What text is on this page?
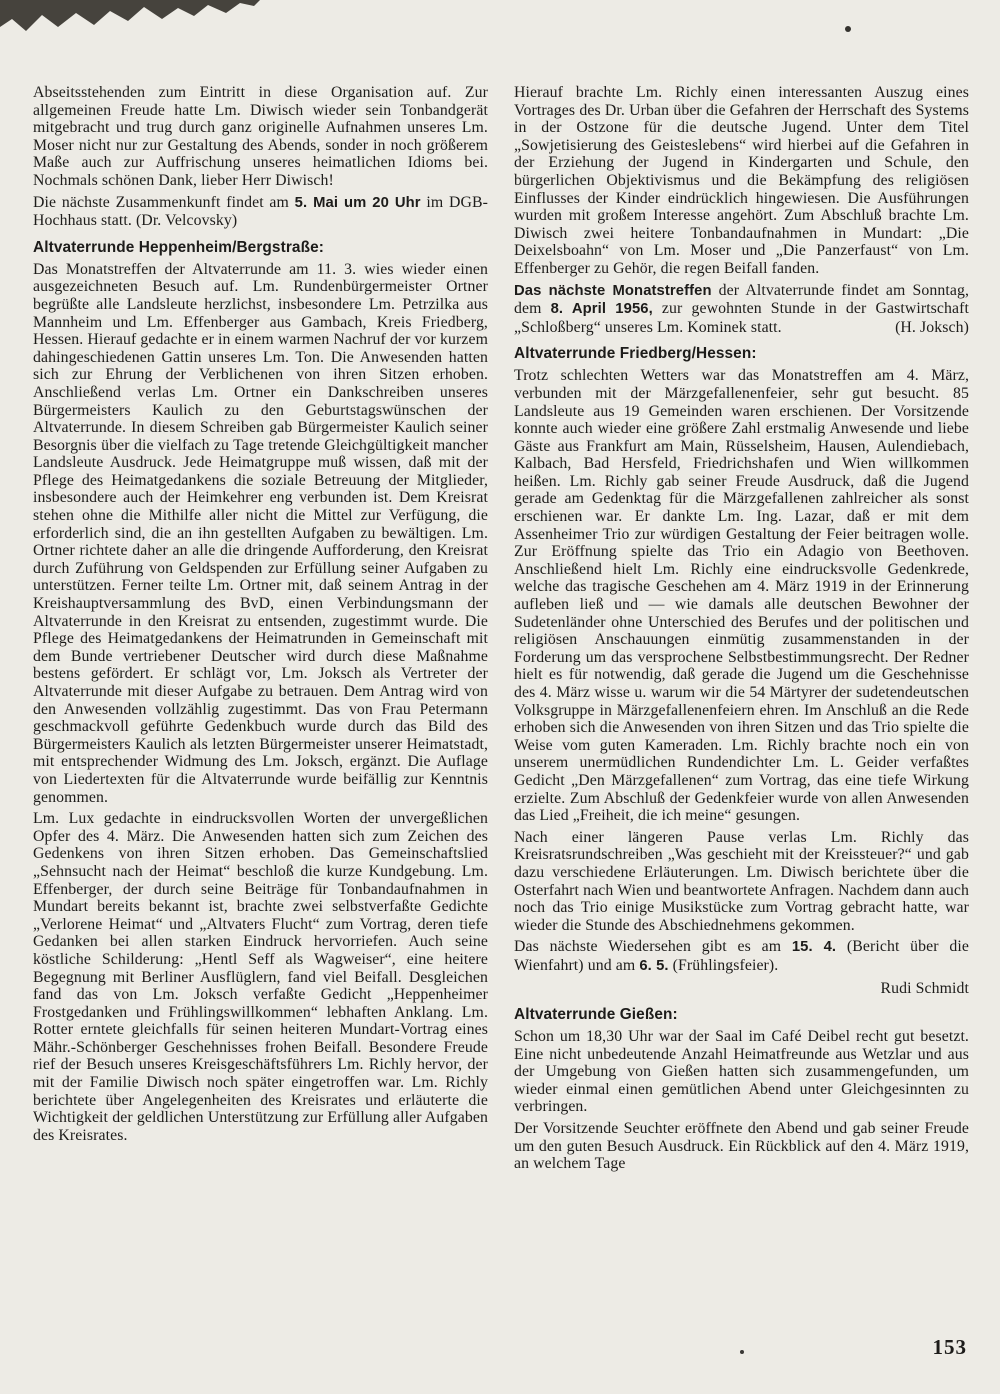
Abseitsstehenden zum Eintritt in diese Organisation auf. Zur allgemeinen Freude hatte Lm. Diwisch wieder sein Tonbandgerät mitgebracht und trug durch ganz originelle Aufnahmen unseres Lm. Moser nicht nur zur Gestaltung des Abends, sonder in noch größerem Maße auch zur Auffrischung unseres heimatlichen Idioms bei. Nochmals schönen Dank, lieber Herr Diwisch!

Die nächste Zusammenkunft findet am 5. Mai um 20 Uhr im DGB-Hochhaus statt. (Dr. Velcovsky)

Altvaterrunde Heppenheim/Bergstraße:

Das Monatstreffen der Altvaterrunde am 11. 3. wies wieder einen ausgezeichneten Besuch auf. Lm. Rundenbürgermeister Ortner begrüßte alle Landsleute herzlichst, insbesondere Lm. Petrzilka aus Mannheim und Lm. Effenberger aus Gambach, Kreis Friedberg, Hessen. Hierauf gedachte er in einem warmen Nachruf der vor kurzem dahingeschiedenen Gattin unseres Lm. Ton. Die Anwesenden hatten sich zur Ehrung der Verblichenen von ihren Sitzen erhoben. Anschließend verlas Lm. Ortner ein Dankschreiben unseres Bürgermeisters Kaulich zu den Geburtstagswünschen der Altvaterrunde. In diesem Schreiben gab Bürgermeister Kaulich seiner Besorgnis über die vielfach zu Tage tretende Gleichgültigkeit mancher Landsleute Ausdruck. Jede Heimatgruppe muß wissen, daß mit der Pflege des Heimatgedankens die soziale Betreuung der Mitglieder, insbesondere auch der Heimkehrer eng verbunden ist. Dem Kreisrat stehen ohne die Mithilfe aller nicht die Mittel zur Verfügung, die erforderlich sind, die an ihn gestellten Aufgaben zu bewältigen. Lm. Ortner richtete daher an alle die dringende Aufforderung, den Kreisrat durch Zuführung von Geldspenden zur Erfüllung seiner Aufgaben zu unterstützen. Ferner teilte Lm. Ortner mit, daß seinem Antrag in der Kreishauptversammlung des BvD, einen Verbindungsmann der Altvaterrunde in den Kreisrat zu entsenden, zugestimmt wurde. Die Pflege des Heimatgedankens der Heimatrunden in Gemeinschaft mit dem Bunde vertriebener Deutscher wird durch diese Maßnahme bestens gefördert. Er schlägt vor, Lm. Joksch als Vertreter der Altvaterrunde mit dieser Aufgabe zu betrauen. Dem Antrag wird von den Anwesenden vollzählig zugestimmt. Das von Frau Petermann geschmackvoll geführte Gedenkbuch wurde durch das Bild des Bürgermeisters Kaulich als letzten Bürgermeister unserer Heimatstadt, mit entsprechender Widmung des Lm. Joksch, ergänzt. Die Auflage von Liedertexten für die Altvaterrunde wurde beifällig zur Kenntnis genommen.

Lm. Lux gedachte in eindrucksvollen Worten der unvergeßlichen Opfer des 4. März. Die Anwesenden hatten sich zum Zeichen des Gedenkens von ihren Sitzen erhoben. Das Gemeinschaftslied „Sehnsucht nach der Heimat“ beschloß die kurze Kundgebung. Lm. Effenberger, der durch seine Beiträge für Tonbandaufnahmen in Mundart bereits bekannt ist, brachte zwei selbstverfaßte Gedichte „Verlorene Heimat“ und „Altvaters Flucht“ zum Vortrag, deren tiefe Gedanken bei allen starken Eindruck hervorriefen. Auch seine köstliche Schilderung: „Hentl Seff als Wagweiser“, eine heitere Begegnung mit Berliner Ausflüglern, fand viel Beifall. Desgleichen fand das von Lm. Joksch verfaßte Gedicht „Heppenheimer Frostgedanken und Frühlingswillkommen“ lebhaften Anklang. Lm. Rotter erntete gleichfalls für seinen heiteren Mundart-Vortrag eines Mähr.-Schönberger Geschehnisses frohen Beifall. Besondere Freude rief der Besuch unseres Kreisgeschäftsführers Lm. Richly hervor, der mit der Familie Diwisch noch später eingetroffen war. Lm. Richly berichtete über Angelegenheiten des Kreisrates und erläuterte die Wichtigkeit der geldlichen Unterstützung zur Erfüllung aller Aufgaben des Kreisrates.

Hierauf brachte Lm. Richly einen interessanten Auszug eines Vortrages des Dr. Urban über die Gefahren der Herrschaft des Systems in der Ostzone für die deutsche Jugend. Unter dem Titel „Sowjetisierung des Geisteslebens“ wird hierbei auf die Gefahren in der Erziehung der Jugend in Kindergarten und Schule, den bürgerlichen Objektivismus und die Bekämpfung des religiösen Einflusses der Kinder eindrücklich hingewiesen. Die Ausführungen wurden mit großem Interesse angehört. Zum Abschluß brachte Lm. Diwisch zwei heitere Tonbandaufnahmen in Mundart: „Die Deixelsboahn“ von Lm. Moser und „Die Panzerfaust“ von Lm. Effenberger zu Gehör, die regen Beifall fanden.

Das nächste Monatstreffen der Altvaterrunde findet am Sonntag, dem 8. April 1956, zur gewohnten Stunde in der Gastwirtschaft „Schloßberg“ unseres Lm. Kominek statt.	(H. Joksch)

Altvaterrunde Friedberg/Hessen:

Trotz schlechten Wetters war das Monatstreffen am 4. März, verbunden mit der Märzgefallenenfeier, sehr gut besucht. 85 Landsleute aus 19 Gemeinden waren erschienen. Der Vorsitzende konnte auch wieder eine größere Zahl erstmalig Anwesende und liebe Gäste aus Frankfurt am Main, Rüsselsheim, Hausen, Aulendiebach, Kalbach, Bad Hersfeld, Friedrichshafen und Wien willkommen heißen. Lm. Richly gab seiner Freude Ausdruck, daß die Jugend gerade am Gedenktag für die Märzgefallenen zahlreicher als sonst erschienen war. Er dankte Lm. Ing. Lazar, daß er mit dem Assenheimer Trio zur würdigen Gestaltung der Feier beitragen wolle. Zur Eröffnung spielte das Trio ein Adagio von Beethoven. Anschließend hielt Lm. Richly eine eindrucksvolle Gedenkrede, welche das tragische Geschehen am 4. März 1919 in der Erinnerung aufleben ließ und — wie damals alle deutschen Bewohner der Sudetenländer ohne Unterschied des Berufes und der politischen und religiösen Anschauungen einmütig zusammenstanden in der Forderung um das versprochene Selbstbestimmungsrecht. Der Redner hielt es für notwendig, daß gerade die Jugend um die Geschehnisse des 4. März wisse u. warum wir die 54 Märtyrer der sudetendeutschen Volksgruppe in Märzgefallenenfeiern ehren. Im Anschluß an die Rede erhoben sich die Anwesenden von ihren Sitzen und das Trio spielte die Weise vom guten Kameraden. Lm. Richly brachte noch ein von unserem unermüdlichen Rundendichter Lm. L. Geider verfaßtes Gedicht „Den Märzgefallenen“ zum Vortrag, das eine tiefe Wirkung erzielte. Zum Abschluß der Gedenkfeier wurde von allen Anwesenden das Lied „Freiheit, die ich meine“ gesungen.

Nach einer längeren Pause verlas Lm. Richly das Kreisratsrundschreiben „Was geschieht mit der Kreissteuer?“ und gab dazu verschiedene Erläuterungen. Lm. Diwisch berichtete über die Osterfahrt nach Wien und beantwortete Anfragen. Nachdem dann auch noch das Trio einige Musikstücke zum Vortrag gebracht hatte, war wieder die Stunde des Abschiednehmens gekommen.

Das nächste Wiedersehen gibt es am 15. 4. (Bericht über die Wienfahrt) und am 6. 5. (Frühlingsfeier).

Rudi Schmidt

Altvaterrunde Gießen:

Schon um 18,30 Uhr war der Saal im Café Deibel recht gut besetzt. Eine nicht unbedeutende Anzahl Heimatfreunde aus Wetzlar und aus der Umgebung von Gießen hatten sich zusammengefunden, um wieder einmal einen gemütlichen Abend unter Gleichgesinnten zu verbringen.

Der Vorsitzende Seuchter eröffnete den Abend und gab seiner Freude um den guten Besuch Ausdruck. Ein Rückblick auf den 4. März 1919, an welchem Tage

153
